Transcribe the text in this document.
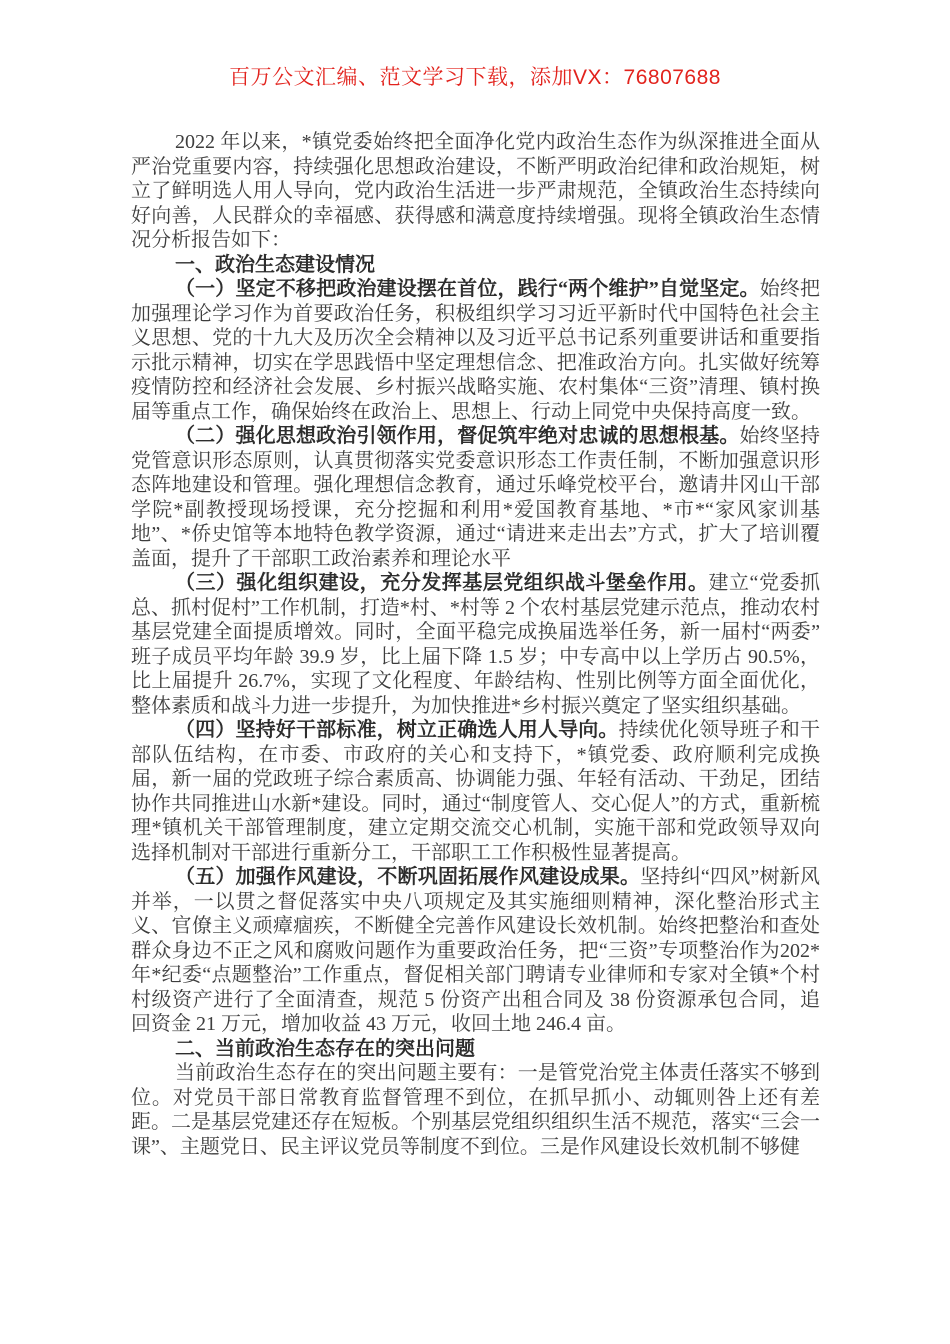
百万公文汇编、范文学习下载，添加VX：76807688

2022 年以来，*镇党委始终把全面净化党内政治生态作为纵深推进全面从严治党重要内容，持续强化思想政治建设，不断严明政治纪律和政治规矩，树立了鲜明选人用人导向，党内政治生活进一步严肃规范，全镇政治生态持续向好向善，人民群众的幸福感、获得感和满意度持续增强。现将全镇政治生态情况分析报告如下：

一、政治生态建设情况

（一）坚定不移把政治建设摆在首位，践行“两个维护”自觉坚定。始终把加强理论学习作为首要政治任务，积极组织学习习近平新时代中国特色社会主义思想、党的十九大及历次全会精神以及习近平总书记系列重要讲话和重要指示批示精神，切实在学思践悟中坚定理想信念、把准政治方向。扎实做好统筹疫情防控和经济社会发展、乡村振兴战略实施、农村集体“三资”清理、镇村换届等重点工作，确保始终在政治上、思想上、行动上同党中央保持高度一致。

（二）强化思想政治引领作用，督促筑牢绝对忠诚的思想根基。始终坚持党管意识形态原则，认真贯彻落实党委意识形态工作责任制，不断加强意识形态阵地建设和管理。强化理想信念教育，通过乐峰党校平台，邀请井冈山干部学院*副教授现场授课，充分挖掘和利用*爱国教育基地、*市*“家风家训基地”、*侨史馆等本地特色教学资源，通过“请进来走出去”方式，扩大了培训覆盖面，提升了干部职工政治素养和理论水平

（三）强化组织建设，充分发挥基层党组织战斗堡垒作用。建立“党委抓总、抓村促村”工作机制，打造*村、*村等 2 个农村基层党建示范点，推动农村基层党建全面提质增效。同时，全面平稳完成换届选举任务，新一届村“两委”班子成员平均年龄 39.9 岁，比上届下降 1.5 岁；中专高中以上学历占 90.5%，比上届提升 26.7%，实现了文化程度、年龄结构、性别比例等方面全面优化，整体素质和战斗力进一步提升，为加快推进*乡村振兴奠定了坚实组织基础。

（四）坚持好干部标准，树立正确选人用人导向。持续优化领导班子和干部队伍结构，在市委、市政府的关心和支持下，*镇党委、政府顺利完成换届，新一届的党政班子综合素质高、协调能力强、年轻有活动、干劲足，团结协作共同推进山水新*建设。同时，通过“制度管人、交心促人”的方式，重新梳理*镇机关干部管理制度，建立定期交流交心机制，实施干部和党政领导双向选择机制对干部进行重新分工，干部职工工作积极性显著提高。

（五）加强作风建设，不断巩固拓展作风建设成果。坚持纠“四风”树新风并举，一以贯之督促落实中央八项规定及其实施细则精神，深化整治形式主义、官僚主义顽瘴痼疾，不断健全完善作风建设长效机制。始终把整治和查处群众身边不正之风和腐败问题作为重要政治任务，把“三资”专项整治作为202*年*纪委“点题整治”工作重点，督促相关部门聘请专业律师和专家对全镇*个村村级资产进行了全面清查，规范 5 份资产出租合同及 38 份资源承包合同，追回资金 21 万元，增加收益 43 万元，收回土地 246.4 亩。

二、当前政治生态存在的突出问题

当前政治生态存在的突出问题主要有：一是管党治党主体责任落实不够到位。对党员干部日常教育监督管理不到位，在抓早抓小、动辄则咎上还有差距。二是基层党建还存在短板。个别基层党组织组织生活不规范，落实“三会一课”、主题党日、民主评议党员等制度不到位。三是作风建设长效机制不够健
